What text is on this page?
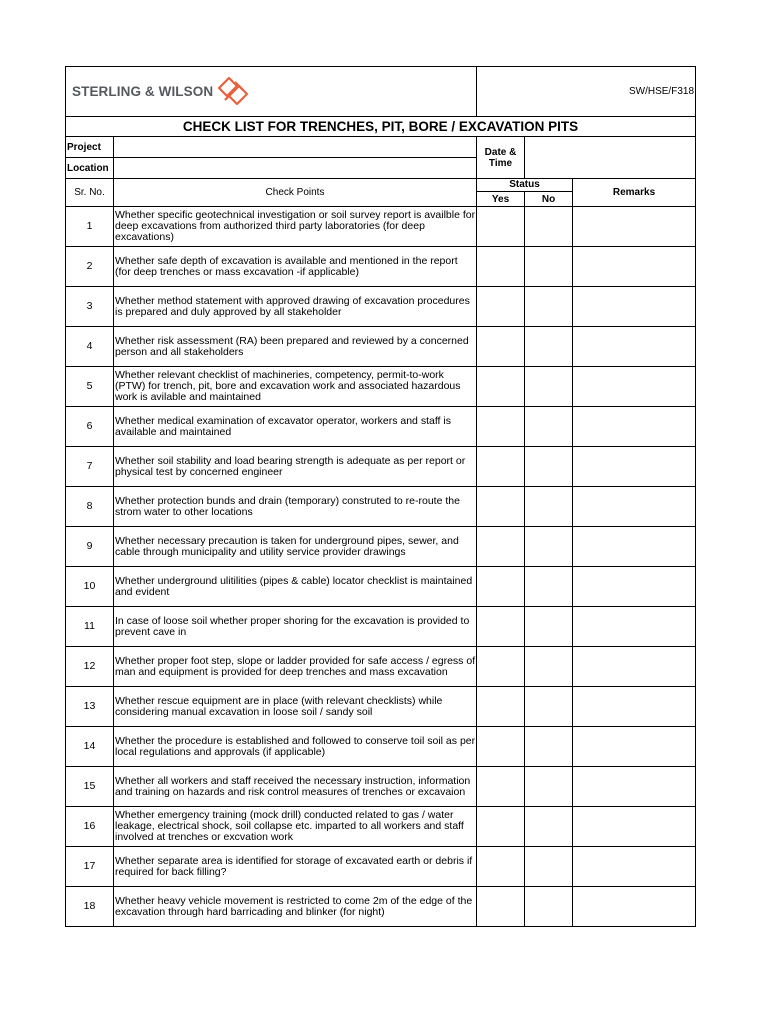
STERLING & WILSON		SW/HSE/F318		
CHECK LIST FOR TRENCHES, PIT, BORE / EXCAVATION PITS				
Project		Date & Time		
Location				
Sr. No.	Check Points	Status		Remarks
		Yes	No	
1	Whether specific geotechnical investigation or soil survey report is availble for deep excavations from authorized third party laboratories (for deep excavations)			
2	Whether safe depth of excavation is available and mentioned in the report (for deep trenches or mass excavation -if applicable)			
3	Whether method statement with approved drawing of excavation procedures is prepared and duly approved by all stakeholder			
4	Whether risk assessment (RA) been prepared and reviewed by a concerned person and all stakeholders			
5	Whether relevant checklist of machineries, competency, permit-to-work (PTW) for trench, pit, bore and excavation work and associated hazardous work is avilable and maintained			
6	Whether medical examination of excavator operator, workers and staff is available and maintained			
7	Whether soil stability and load bearing strength is adequate as per report or physical test by concerned engineer			
8	Whether protection bunds and drain (temporary) construted to re-route the strom water to other locations			
9	Whether necessary precaution is taken for underground pipes, sewer, and cable through municipality and utility service provider drawings			
10	Whether underground ulitilities (pipes & cable) locator checklist is maintained and evident			
11	In case of loose soil whether proper shoring for the excavation is provided to prevent cave in			
12	Whether proper foot step, slope or ladder provided for safe access / egress of man and equipment is provided for deep trenches and mass excavation			
13	Whether rescue equipment are in place (with relevant checklists) while considering manual excavation in loose soil / sandy soil			
14	Whether the procedure is established and followed to conserve toil soil as per local regulations and approvals (if applicable)			
15	Whether all workers and staff received the necessary instruction, information and training on hazards and risk control measures of trenches or excavaion			
16	Whether emergency training (mock drill) conducted related to gas / water leakage, electrical shock, soil collapse etc. imparted to all workers and staff involved at trenches or excvation work			
17	Whether separate area is identified for storage of excavated earth or debris if required for back filling?			
18	Whether heavy vehicle movement is restricted to come 2m of the edge of the excavation through hard barricading and blinker (for night)			
